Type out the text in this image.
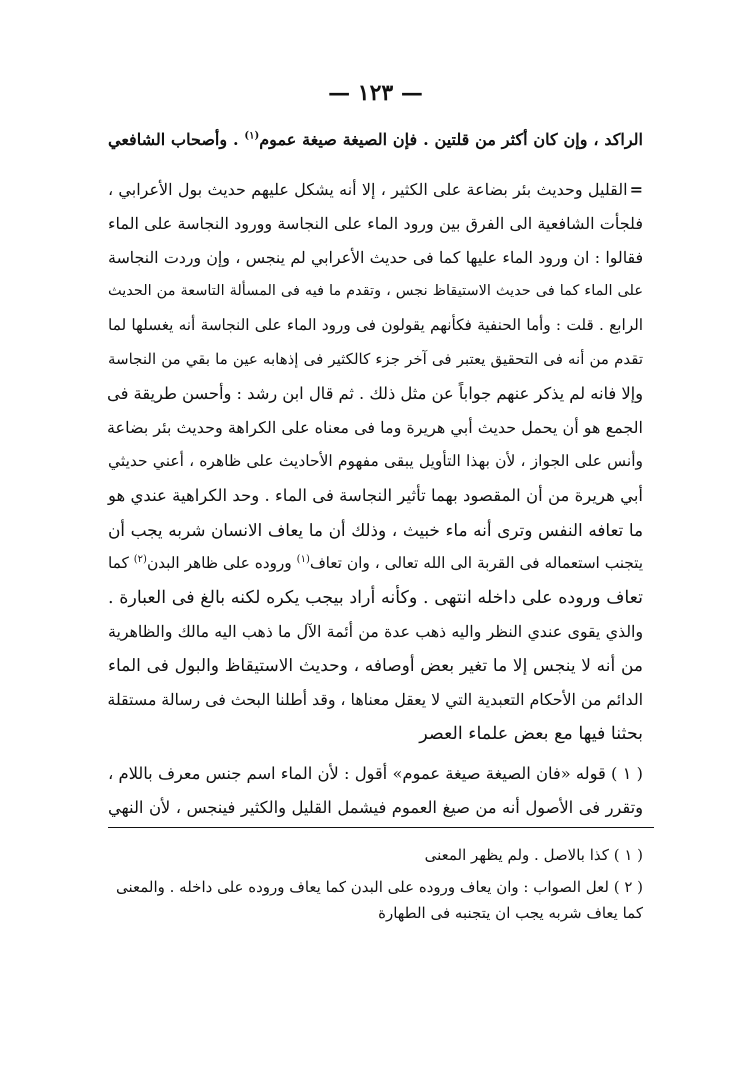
— ١٢٣ —
الراكد ، وإن كان أكثر من قلتين . فإن الصيغة صيغة عموم$^{(١)}$ . وأصحاب الشافعي
=القليل وحديث بئر بضاعة على الكثير ، إلا أنه يشكل عليهم حديث بول الأعرابي ،
فلجأت الشافعية الى الفرق بين ورود الماء على النجاسة وورود النجاسة على الماء
فقالوا : ان ورود الماء عليها كما فى حديث الأعرابي لم ينجس ، وإن وردت النجاسة
على الماء كما فى حديث الاستيقاظ نجس ، وتقدم ما فيه فى المسألة التاسعة من الحديث
الرابع . قلت : وأما الحنفية فكأنهم يقولون فى ورود الماء على النجاسة أنه يغسلها لما
تقدم من أنه فى التحقيق يعتبر فى آخر جزء كالكثير فى إذهابه عين ما بقي من النجاسة
وإلا فانه لم يذكر عنهم جواباً عن مثل ذلك . ثم قال ابن رشد : وأحسن طريقة فى
الجمع هو أن يحمل حديث أبي هريرة وما فى معناه على الكراهة وحديث بئر بضاعة
وأنس على الجواز ، لأن بهذا التأويل يبقى مفهوم الأحاديث على ظاهره ، أعني حديثي
أبي هريرة من أن المقصود بهما تأثير النجاسة فى الماء . وحد الكراهية عندي هو
ما تعافه النفس وترى أنه ماء خبيث ، وذلك أن ما يعاف الانسان شربه يجب أن
يتجنب استعماله فى القربة الى الله تعالى ، وان تعاف$^{(١)}$ وروده على ظاهر البدن$^{(٢)}$ كما
تعاف وروده على داخله انتهى . وكأنه أراد بيجب يكره لكنه بالغ فى العبارة .
والذي يقوى عندي النظر واليه ذهب عدة من أئمة الآل ما ذهب اليه مالك والظاهرية
من أنه لا ينجس إلا ما تغير بعض أوصافه ، وحديث الاستيقاظ والبول فى الماء
الدائم من الأحكام التعبدية التي لا يعقل معناها ، وقد أطلنا البحث فى رسالة مستقلة
بحثنا فيها مع بعض علماء العصر
( ١ ) قوله «فان الصيغة صيغة عموم» أقول : لأن الماء اسم جنس معرف باللام ،
وتقرر فى الأصول أنه من صيغ العموم فيشمل القليل والكثير فينجس ، لأن النهي
( ١ ) كذا بالاصل . ولم يظهر المعنى
( ٢ ) لعل الصواب : وان يعاف وروده على البدن كما يعاف وروده على داخله . والمعنى
كما يعاف شربه يجب ان يتجنبه فى الطهارة
